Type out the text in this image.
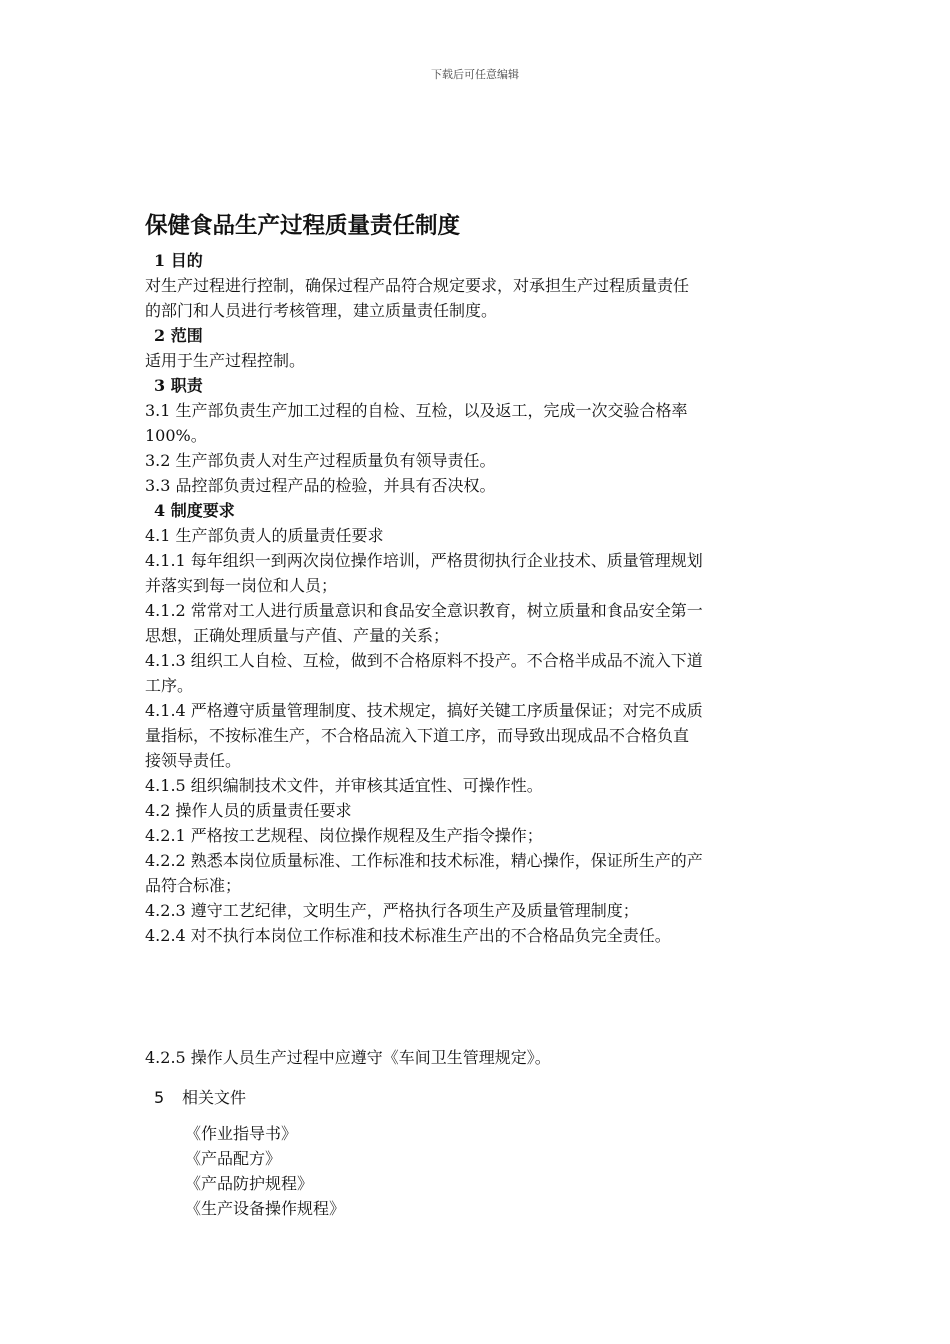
下载后可任意编辑
保健食品生产过程质量责任制度
1 目的
对生产过程进行控制，确保过程产品符合规定要求，对承担生产过程质量责任
的部门和人员进行考核管理，建立质量责任制度。
2 范围
适用于生产过程控制。
3 职责
3.1 生产部负责生产加工过程的自检、互检，以及返工，完成一次交验合格率
100%。
3.2 生产部负责人对生产过程质量负有领导责任。
3.3 品控部负责过程产品的检验，并具有否决权。
4 制度要求
4.1 生产部负责人的质量责任要求
4.1.1 每年组织一到两次岗位操作培训，严格贯彻执行企业技术、质量管理规划
并落实到每一岗位和人员；
4.1.2 常常对工人进行质量意识和食品安全意识教育，树立质量和食品安全第一
思想，正确处理质量与产值、产量的关系；
4.1.3 组织工人自检、互检，做到不合格原料不投产。不合格半成品不流入下道
工序。
4.1.4 严格遵守质量管理制度、技术规定，搞好关键工序质量保证；对完不成质
量指标，不按标准生产，不合格品流入下道工序，而导致出现成品不合格负直
接领导责任。
4.1.5 组织编制技术文件，并审核其适宜性、可操作性。
4.2 操作人员的质量责任要求
4.2.1 严格按工艺规程、岗位操作规程及生产指令操作；
4.2.2 熟悉本岗位质量标准、工作标准和技术标准，精心操作，保证所生产的产
品符合标准；
4.2.3 遵守工艺纪律，文明生产，严格执行各项生产及质量管理制度；
4.2.4 对不执行本岗位工作标准和技术标准生产出的不合格品负完全责任。
4.2.5 操作人员生产过程中应遵守《车间卫生管理规定》。
5 相关文件
《作业指导书》
《产品配方》
《产品防护规程》
《生产设备操作规程》
